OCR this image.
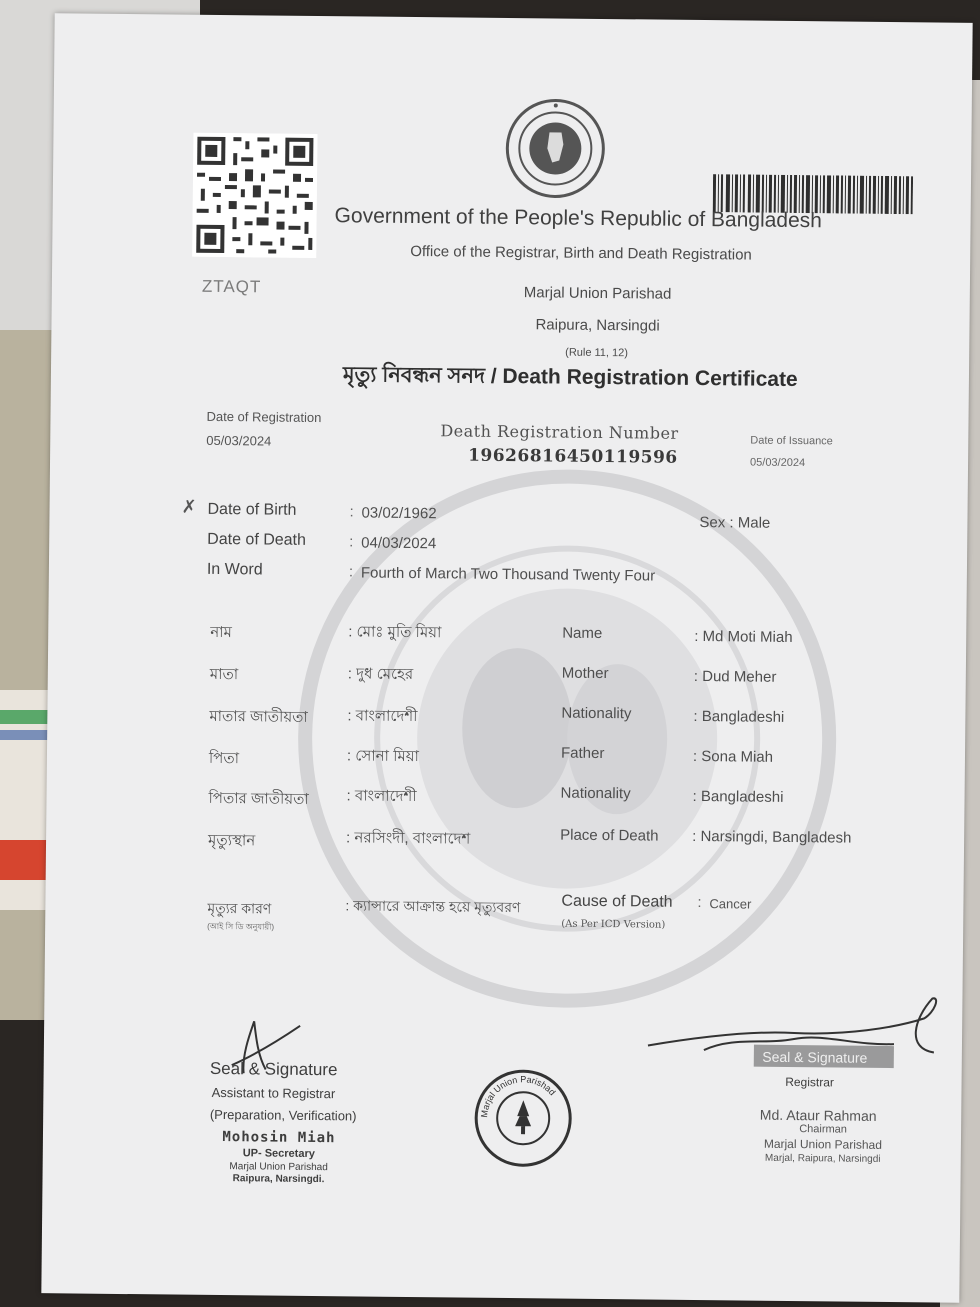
ZTAQT
Government of the People's Republic of Bangladesh
Office of the Registrar, Birth and Death Registration
Marjal Union Parishad
Raipura, Narsingdi
(Rule 11, 12)
মৃত্যু নিবন্ধন সনদ / Death Registration Certificate
Date of Registration
05/03/2024	Death Registration Number
19626816450119596
Date of Issuance
05/03/2024
✗ Date of Birth	: 03/02/1962
Sex : Male
Date of Death	: 04/03/2024
In Word	: Fourth of March Two Thousand Twenty Four
নাম	: মোঃ মুতি মিয়া	Name	: Md Moti Miah
মাতা	: দুধ মেহের	Mother	: Dud Meher
মাতার জাতীয়তা	: বাংলাদেশী	Nationality	: Bangladeshi
পিতা	: সোনা মিয়া	Father	: Sona Miah
পিতার জাতীয়তা	: বাংলাদেশী	Nationality	: Bangladeshi
মৃত্যুস্থান	: নরসিংদী, বাংলাদেশ	Place of Death : Narsingdi, Bangladesh
মৃত্যুর কারণ
(আই সি ডি অনুযায়ী)
: ক্যান্সারে আক্রান্ত হয়ে মৃত্যুবরণ	Cause of Death : Cancer
(As Per ICD Version)
Seal & Signature
Assistant to Registrar
(Preparation, Verification)
Mohosin Miah
UP- Secretary
Marjal Union Parishad
Raipura, Narsingdi.
Marjal Union Parishad
Seal & Signature
Registrar
Md. Ataur Rahman
Chairman
Marjal Union Parishad
Marjal, Raipura, Narsingdi
